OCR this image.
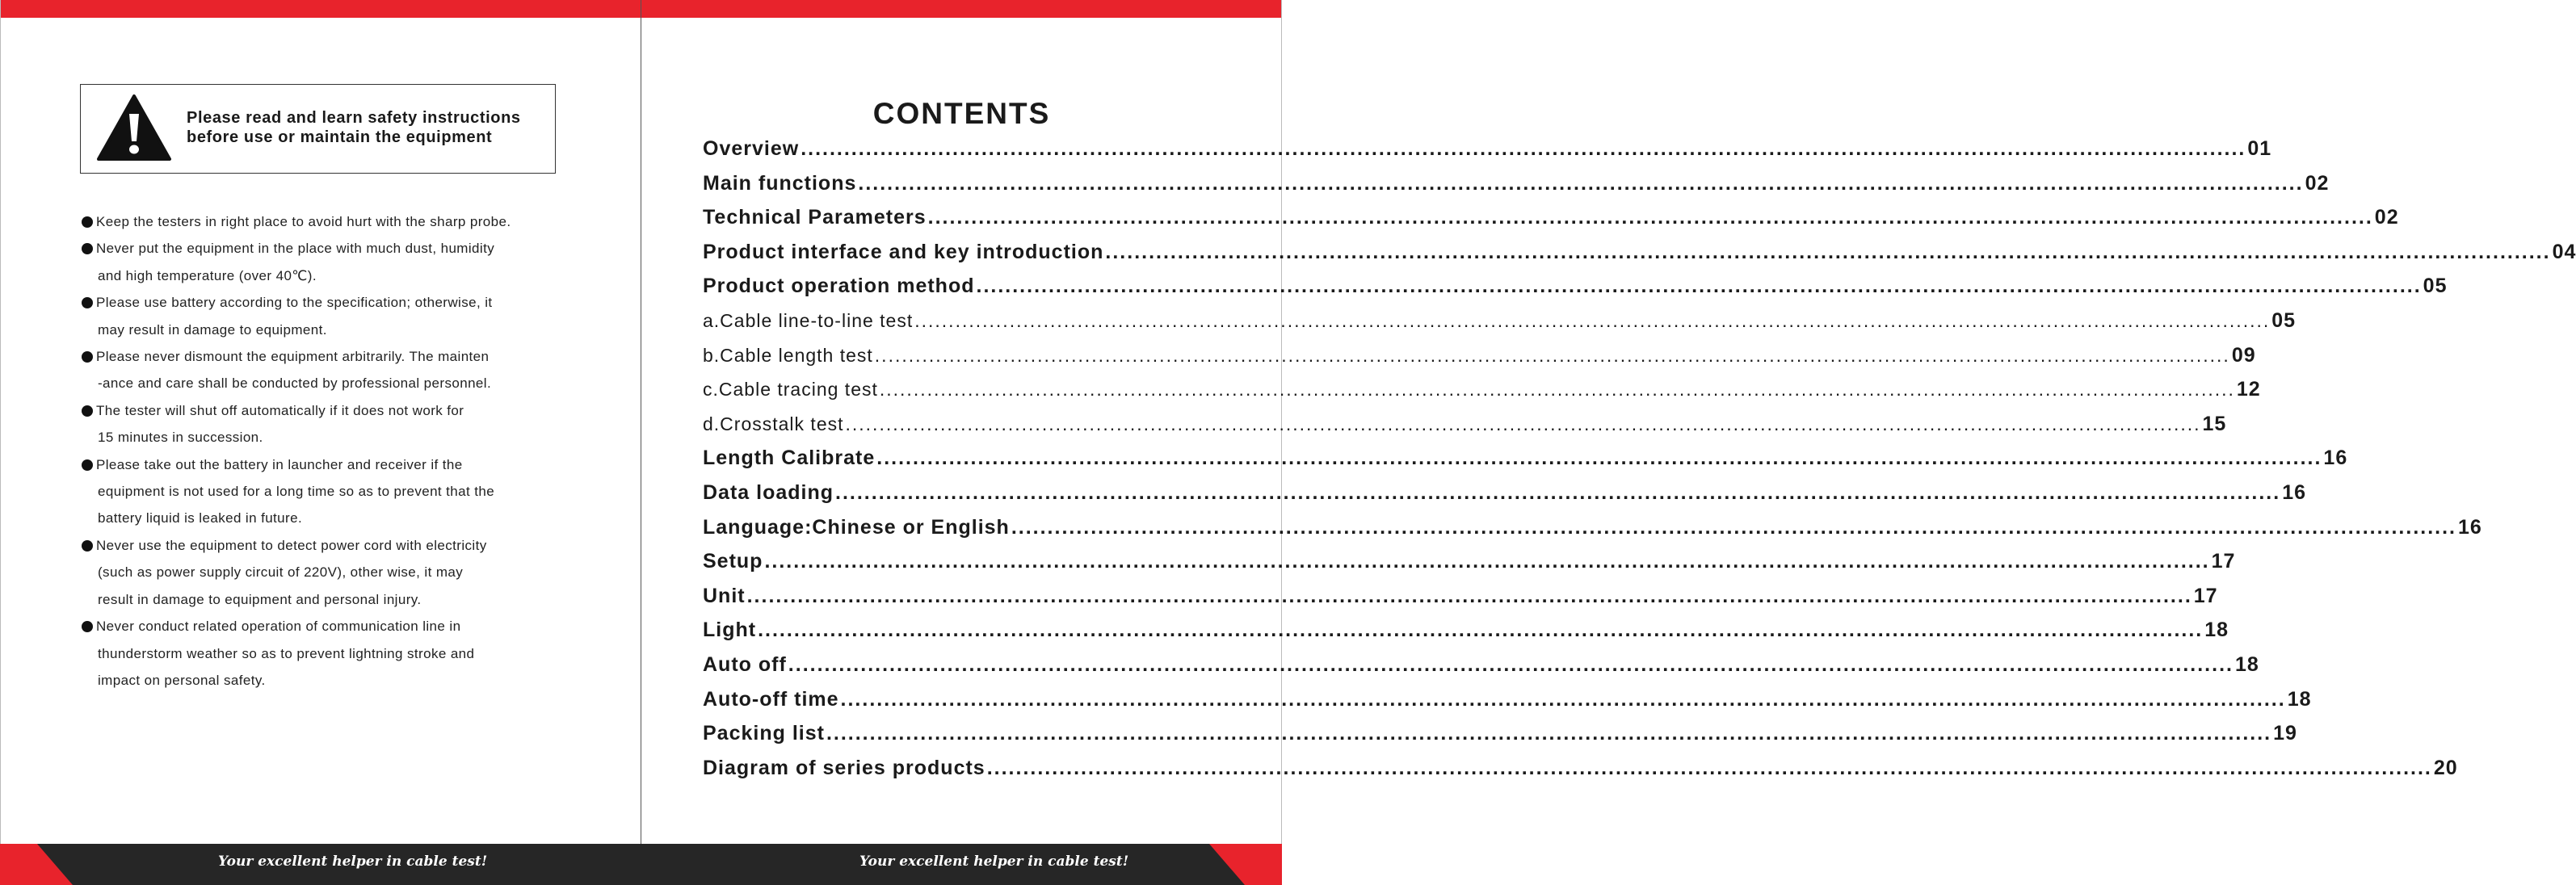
Please read and learn safety instructions
before use or maintain the equipment
Keep the testers in right place to avoid hurt with the sharp probe.
Never put the equipment in the place with much dust, humidity
and high temperature (over 40℃).
Please use battery according to the specification; otherwise, it
may result in damage to equipment.
Please never dismount the equipment arbitrarily. The mainten
-ance and care shall be conducted by professional personnel.
The tester will shut off automatically if it does not work for
15 minutes in succession.
Please take out the battery in launcher and receiver if the
equipment is not used for a long time so as to prevent that the
battery liquid is leaked in future.
Never use the equipment to detect power cord with electricity
(such as power supply circuit of 220V), other wise, it may
result in damage to equipment and personal injury.
Never conduct related operation of communication line in
thunderstorm weather so as to prevent lightning stroke and
impact on personal safety.
CONTENTS
Overview ........................................................................................................................................................................................................ 01
Main functions ........................................................................................................................................................................................................ 02
Technical Parameters ........................................................................................................................................................................................................ 02
Product interface and key introduction ........................................................................................................................................................................................................ 04
Product operation method ........................................................................................................................................................................................................ 05
a.Cable line-to-line test ........................................................................................................................................................................................................ 05
b.Cable length test ........................................................................................................................................................................................................ 09
c.Cable tracing test ........................................................................................................................................................................................................ 12
d.Crosstalk test ........................................................................................................................................................................................................ 15
Length Calibrate ........................................................................................................................................................................................................ 16
Data loading ........................................................................................................................................................................................................ 16
Language:Chinese or English ........................................................................................................................................................................................................ 16
Setup ........................................................................................................................................................................................................ 17
Unit ........................................................................................................................................................................................................ 17
Light ........................................................................................................................................................................................................ 18
Auto off ........................................................................................................................................................................................................ 18
Auto-off time ........................................................................................................................................................................................................ 18
Packing list ........................................................................................................................................................................................................ 19
Diagram of series products ........................................................................................................................................................................................................ 20
Your excellent helper in cable test!	Your excellent helper in cable test!
